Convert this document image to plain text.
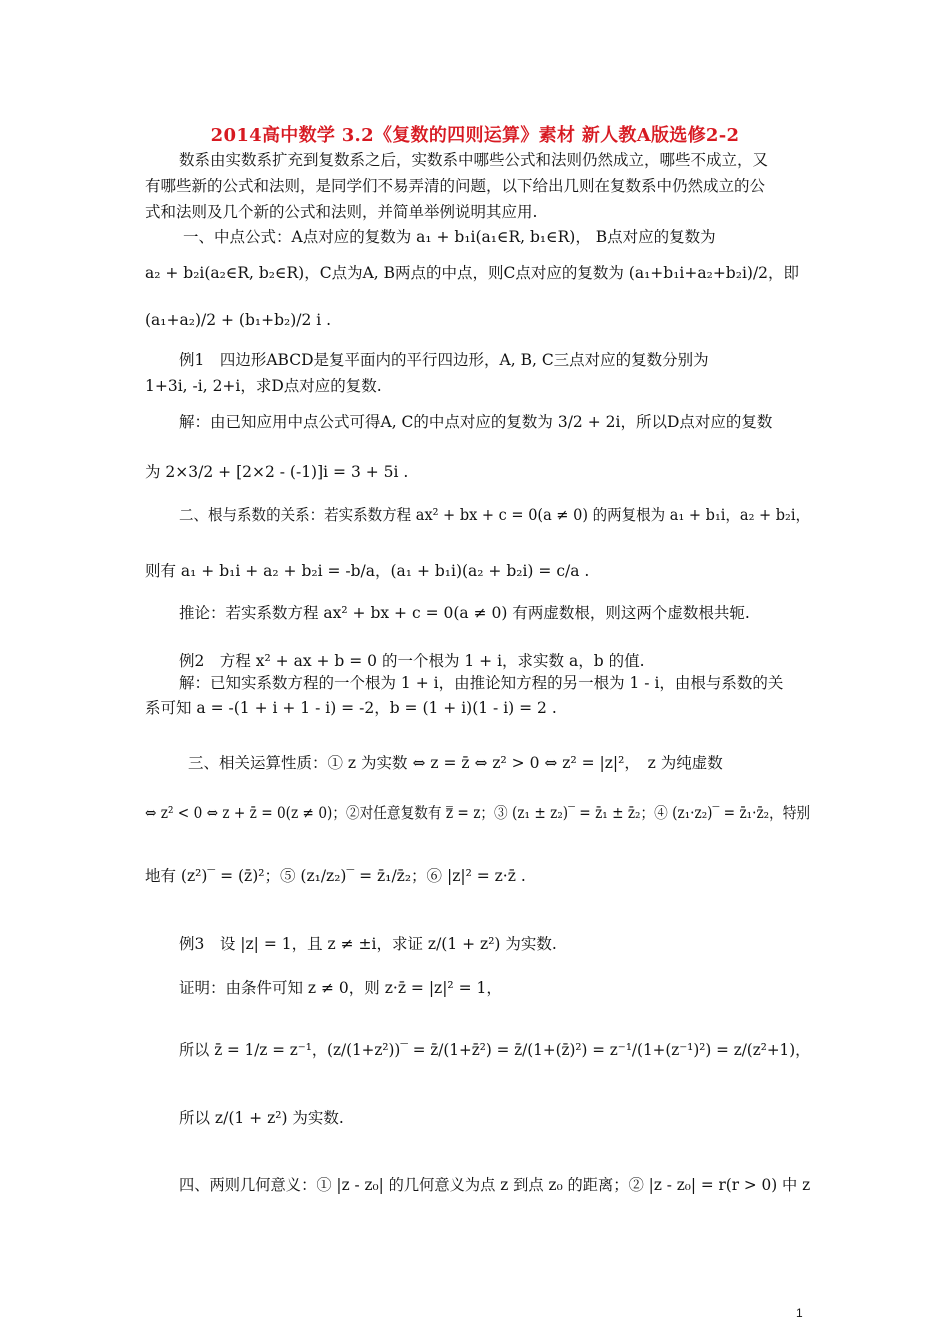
2014高中数学 3.2《复数的四则运算》素材 新人教A版选修2-2
数系由实数系扩充到复数系之后，实数系中哪些公式和法则仍然成立，哪些不成立，又
有哪些新的公式和法则，是同学们不易弄清的问题，以下给出几则在复数系中仍然成立的公
式和法则及几个新的公式和法则，并简单举例说明其应用.
一、中点公式：A点对应的复数为 a₁ + b₁i(a₁∈R, b₁∈R)， B点对应的复数为
a₂ + b₂i(a₂∈R, b₂∈R)，C点为A, B两点的中点，则C点对应的复数为 (a₁+b₁i+a₂+b₂i)/2，即
(a₁+a₂)/2 + (b₁+b₂)/2 i .
例1　四边形ABCD是复平面内的平行四边形，A, B, C三点对应的复数分别为
1+3i, -i, 2+i，求D点对应的复数.
解：由已知应用中点公式可得A, C的中点对应的复数为 3/2 + 2i，所以D点对应的复数
为 2×3/2 + [2×2 - (-1)]i = 3 + 5i .
二、根与系数的关系：若实系数方程 ax² + bx + c = 0(a ≠ 0) 的两复根为 a₁ + b₁i，a₂ + b₂i，
则有 a₁ + b₁i + a₂ + b₂i = -b/a，(a₁ + b₁i)(a₂ + b₂i) = c/a .
推论：若实系数方程 ax² + bx + c = 0(a ≠ 0) 有两虚数根，则这两个虚数根共轭.
例2　方程 x² + ax + b = 0 的一个根为 1 + i，求实数 a，b 的值.
解：已知实系数方程的一个根为 1 + i，由推论知方程的另一根为 1 - i，由根与系数的关
系可知 a = -(1 + i + 1 - i) = -2，b = (1 + i)(1 - i) = 2 .
三、相关运算性质：① z 为实数 ⇔ z = z̄ ⇔ z² > 0 ⇔ z² = |z|²，　z 为纯虚数
⇔ z² < 0 ⇔ z + z̄ = 0(z ≠ 0)；②对任意复数有 z̿ = z；③ (z₁ ± z₂)‾ = z̄₁ ± z̄₂；④ (z₁·z₂)‾ = z̄₁·z̄₂，特别
地有 (z²)‾ = (z̄)²；⑤ (z₁/z₂)‾ = z̄₁/z̄₂；⑥ |z|² = z·z̄ .
例3　设 |z| = 1，且 z ≠ ±i，求证 z/(1 + z²) 为实数.
证明：由条件可知 z ≠ 0，则 z·z̄ = |z|² = 1，
所以 z̄ = 1/z = z⁻¹，(z/(1+z²))‾ = z̄/(1+z̄²) = z̄/(1+(z̄)²) = z⁻¹/(1+(z⁻¹)²) = z/(z²+1)，
所以 z/(1 + z²) 为实数.
四、两则几何意义：① |z - z₀| 的几何意义为点 z 到点 z₀ 的距离；② |z - z₀| = r(r > 0) 中 z
1
